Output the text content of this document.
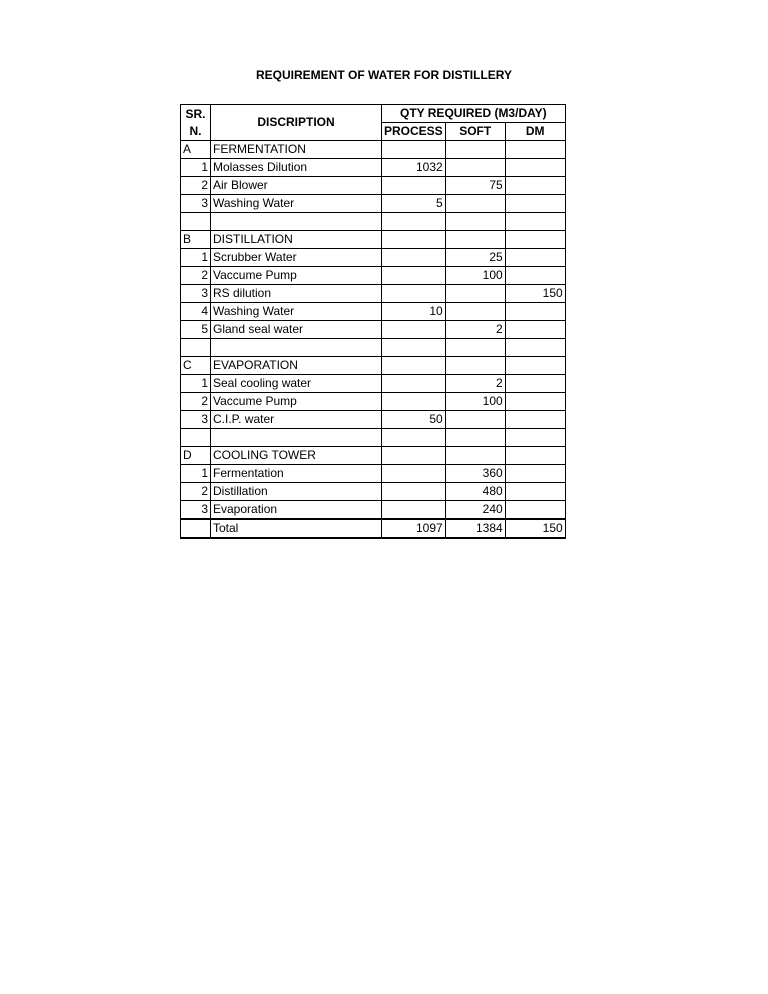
REQUIREMENT OF WATER FOR DISTILLERY
SR.
N.	DISCRIPTION	QTY REQUIRED (M3/DAY)		
		PROCESS	SOFT	DM
A	FERMENTATION			
1	Molasses Dilution	1032		
2	Air Blower		75	
3	Washing Water	5		

B	DISTILLATION			
1	Scrubber Water		25	
2	Vaccume Pump		100	
3	RS dilution			150
4	Washing Water	10		
5	Gland seal water		2	

C	EVAPORATION			
1	Seal cooling water		2	
2	Vaccume Pump		100	
3	C.I.P. water	50		

D	COOLING TOWER			
1	Fermentation		360	
2	Distillation		480	
3	Evaporation		240	
	Total	1097	1384	150
